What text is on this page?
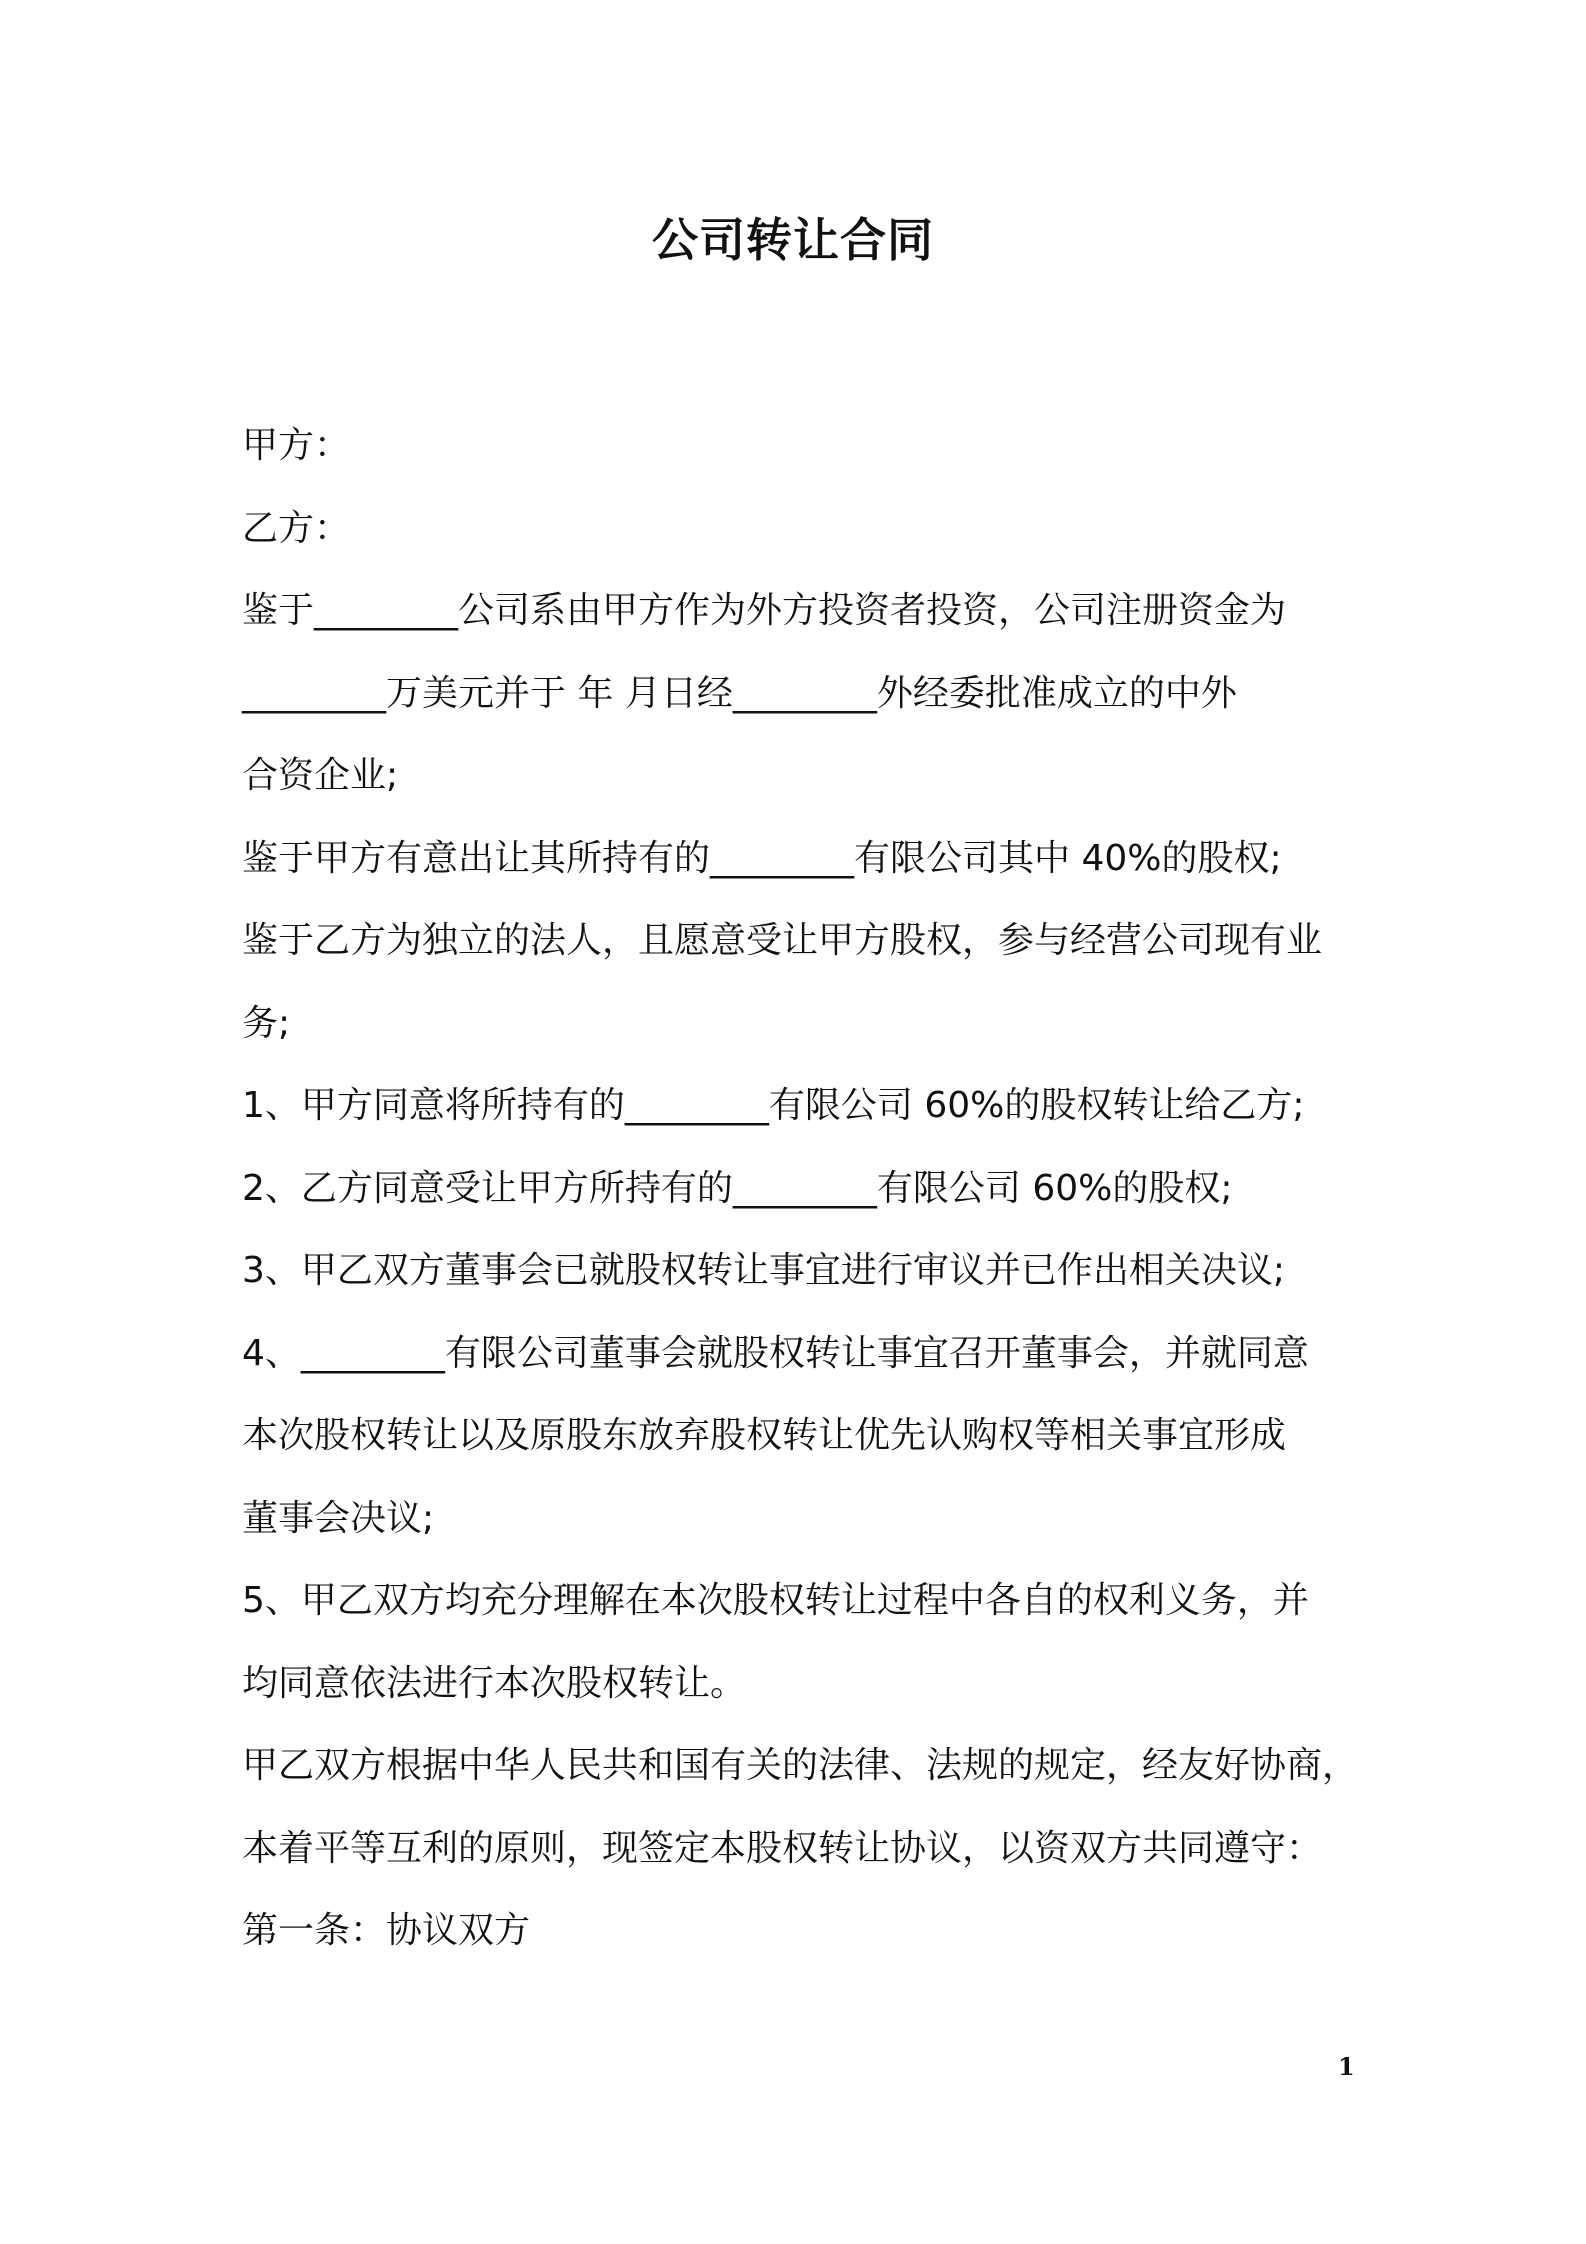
公司转让合同
甲方：
乙方：
鉴于________公司系由甲方作为外方投资者投资，公司注册资金为
________万美元并于 年 月日经________外经委批准成立的中外
合资企业;
鉴于甲方有意出让其所持有的________有限公司其中 40%的股权;
鉴于乙方为独立的法人，且愿意受让甲方股权，参与经营公司现有业
务;
1、甲方同意将所持有的________有限公司 60%的股权转让给乙方;
2、乙方同意受让甲方所持有的________有限公司 60%的股权;
3、甲乙双方董事会已就股权转让事宜进行审议并已作出相关决议;
4、________有限公司董事会就股权转让事宜召开董事会，并就同意
本次股权转让以及原股东放弃股权转让优先认购权等相关事宜形成
董事会决议;
5、甲乙双方均充分理解在本次股权转让过程中各自的权利义务，并
均同意依法进行本次股权转让。
甲乙双方根据中华人民共和国有关的法律、法规的规定，经友好协商，
本着平等互利的原则，现签定本股权转让协议，以资双方共同遵守：
第一条：协议双方
1
